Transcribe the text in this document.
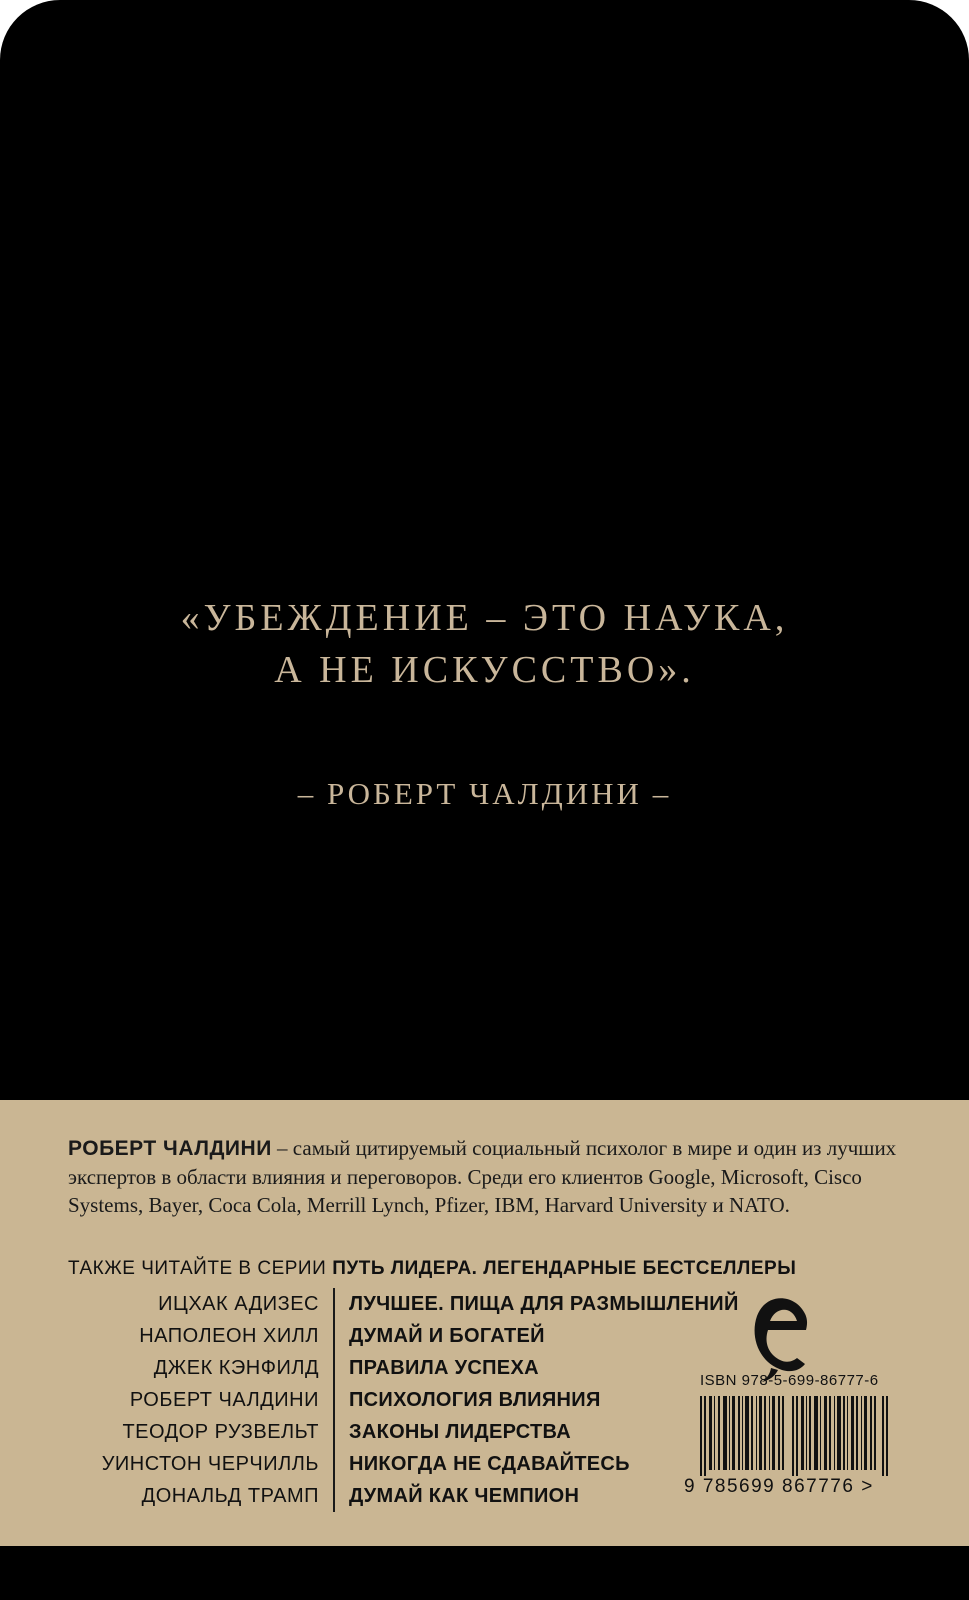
«УБЕЖДЕНИЕ – ЭТО НАУКА,
А НЕ ИСКУССТВО».
– РОБЕРТ ЧАЛДИНИ –
РОБЕРТ ЧАЛДИНИ – самый цитируемый социальный психолог в мире и один из лучших экспертов в области влияния и переговоров. Среди его клиентов Google, Microsoft, Cisco Systems, Bayer, Coca Cola, Merrill Lynch, Pfizer, IBM, Harvard University и NATO.
ТАКЖЕ ЧИТАЙТЕ В СЕРИИ ПУТЬ ЛИДЕРА. ЛЕГЕНДАРНЫЕ БЕСТСЕЛЛЕРЫ
ИЦХАК АДИЗЕС	ЛУЧШЕЕ. ПИЩА ДЛЯ РАЗМЫШЛЕНИЙ
НАПОЛЕОН ХИЛЛ	ДУМАЙ И БОГАТЕЙ
ДЖЕК КЭНФИЛД	ПРАВИЛА УСПЕХА
РОБЕРТ ЧАЛДИНИ	ПСИХОЛОГИЯ ВЛИЯНИЯ
ТЕОДОР РУЗВЕЛЬТ	ЗАКОНЫ ЛИДЕРСТВА
УИНСТОН ЧЕРЧИЛЛЬ	НИКОГДА НЕ СДАВАЙТЕСЬ
ДОНАЛЬД ТРАМП	ДУМАЙ КАК ЧЕМПИОН
ISBN 978-5-699-86777-6
9 785699 867776 >
